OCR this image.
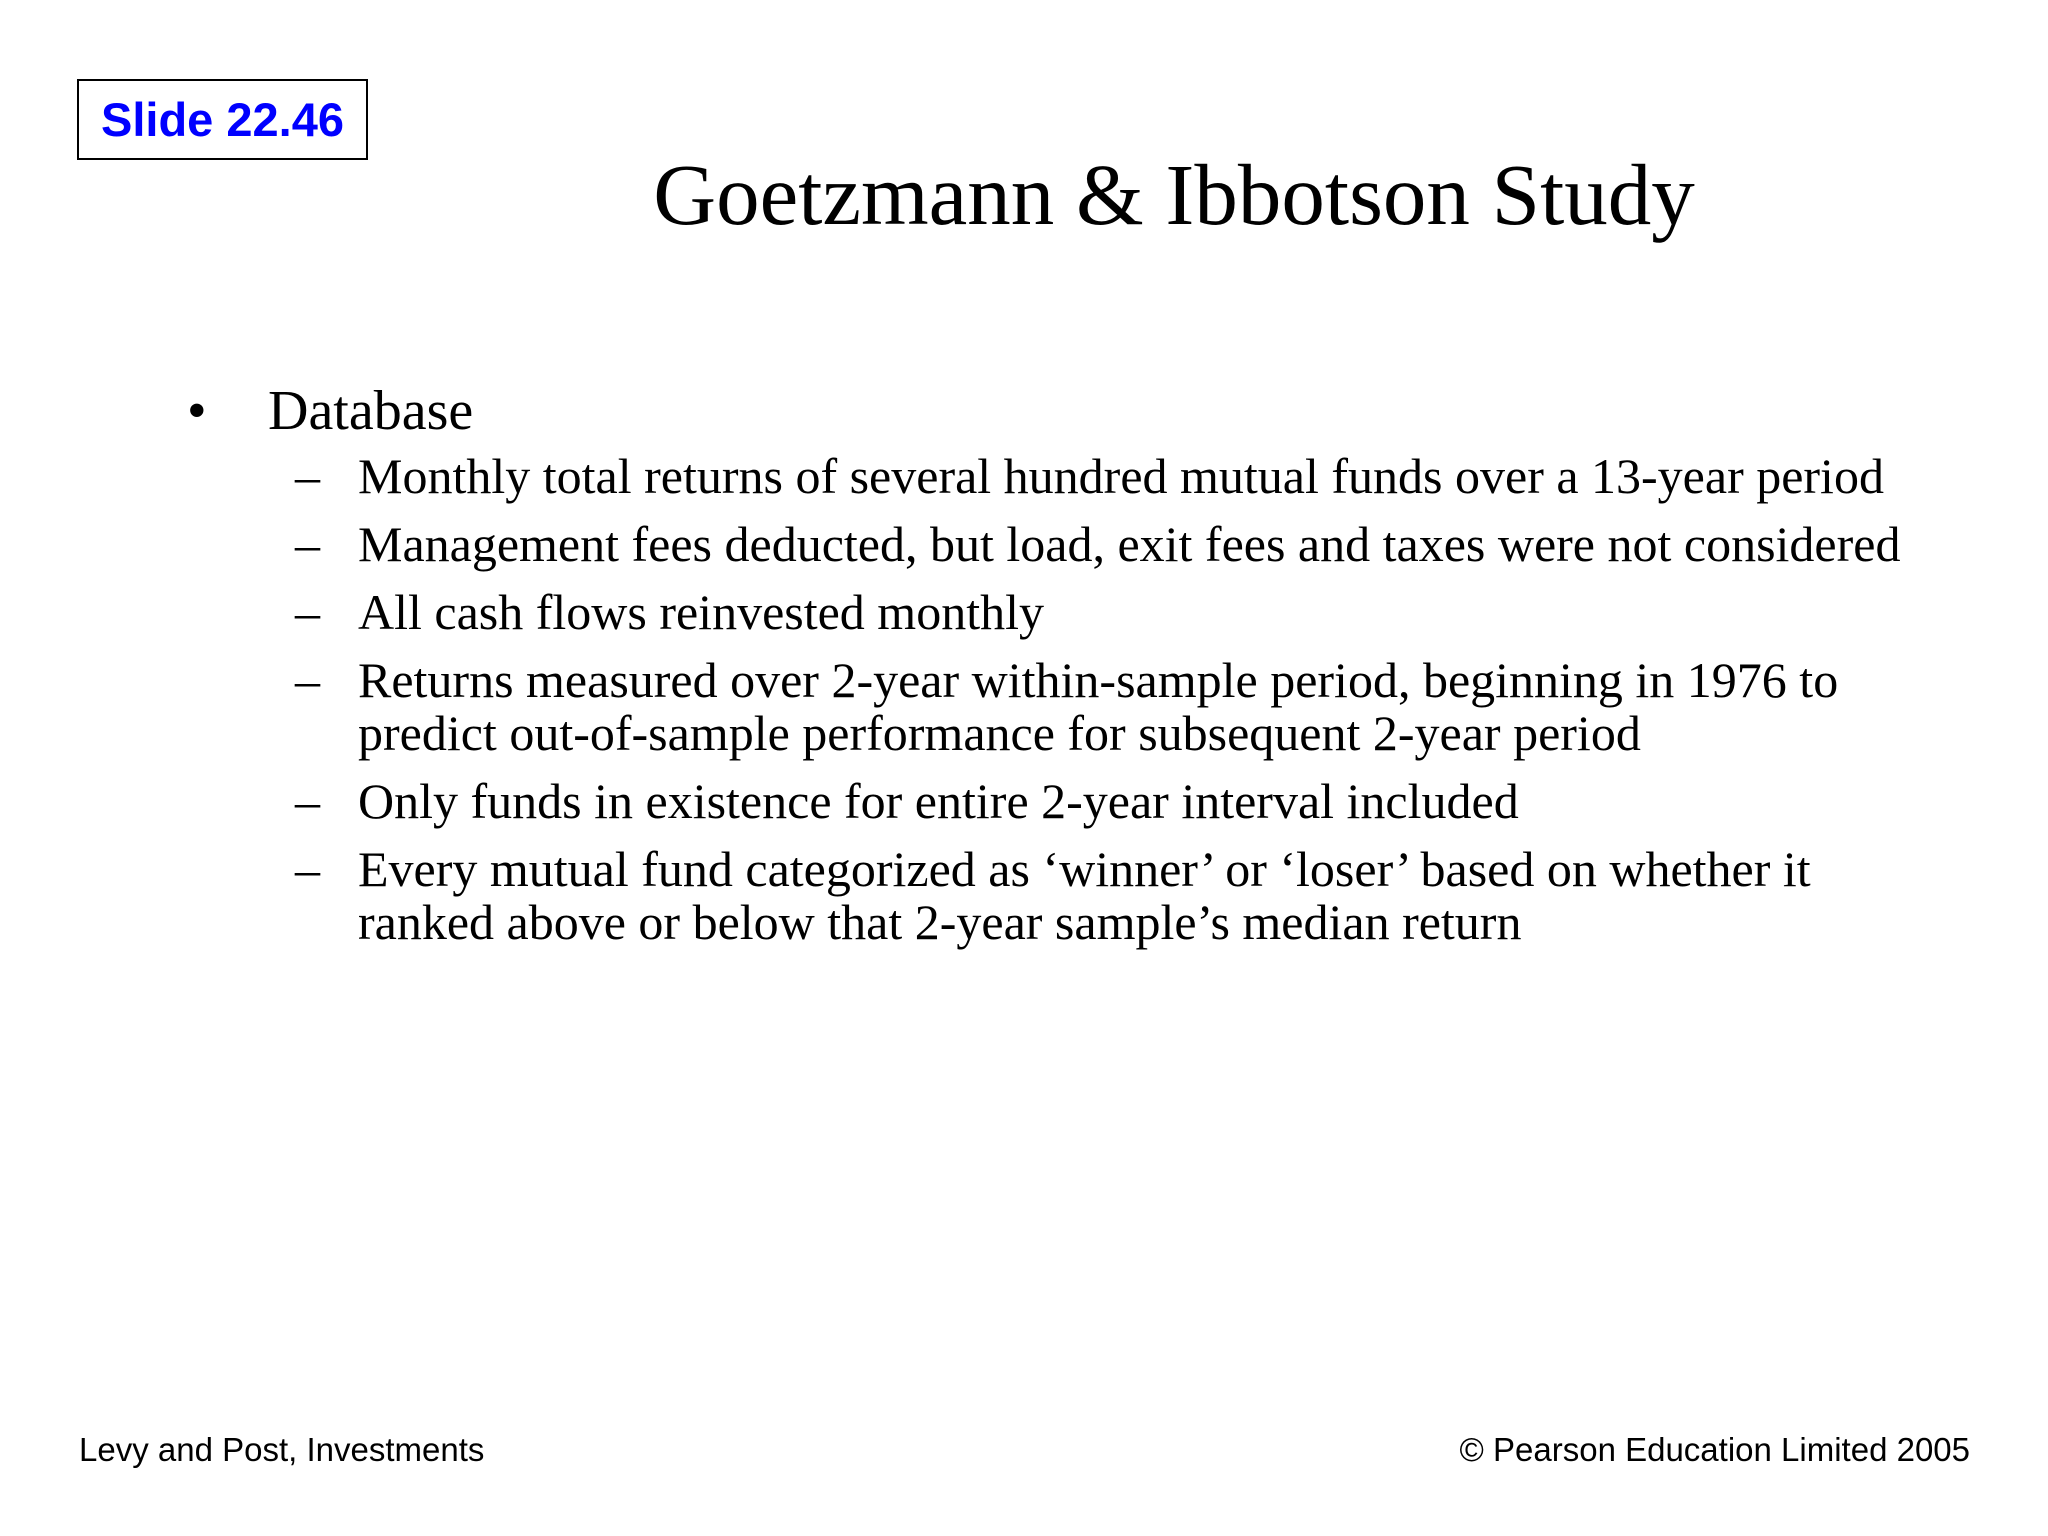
Slide 22.46
Goetzmann & Ibbotson Study
• Database
– Monthly total returns of several hundred mutual funds over a 13-year period
– Management fees deducted, but load, exit fees and taxes were not considered
– All cash flows reinvested monthly
– Returns measured over 2-year within-sample period, beginning in 1976 to predict out-of-sample performance for subsequent 2-year period
– Only funds in existence for entire 2-year interval included
– Every mutual fund categorized as ‘winner’ or ‘loser’ based on whether it ranked above or below that 2-year sample’s median return
Levy and Post, Investments	© Pearson Education Limited 2005
